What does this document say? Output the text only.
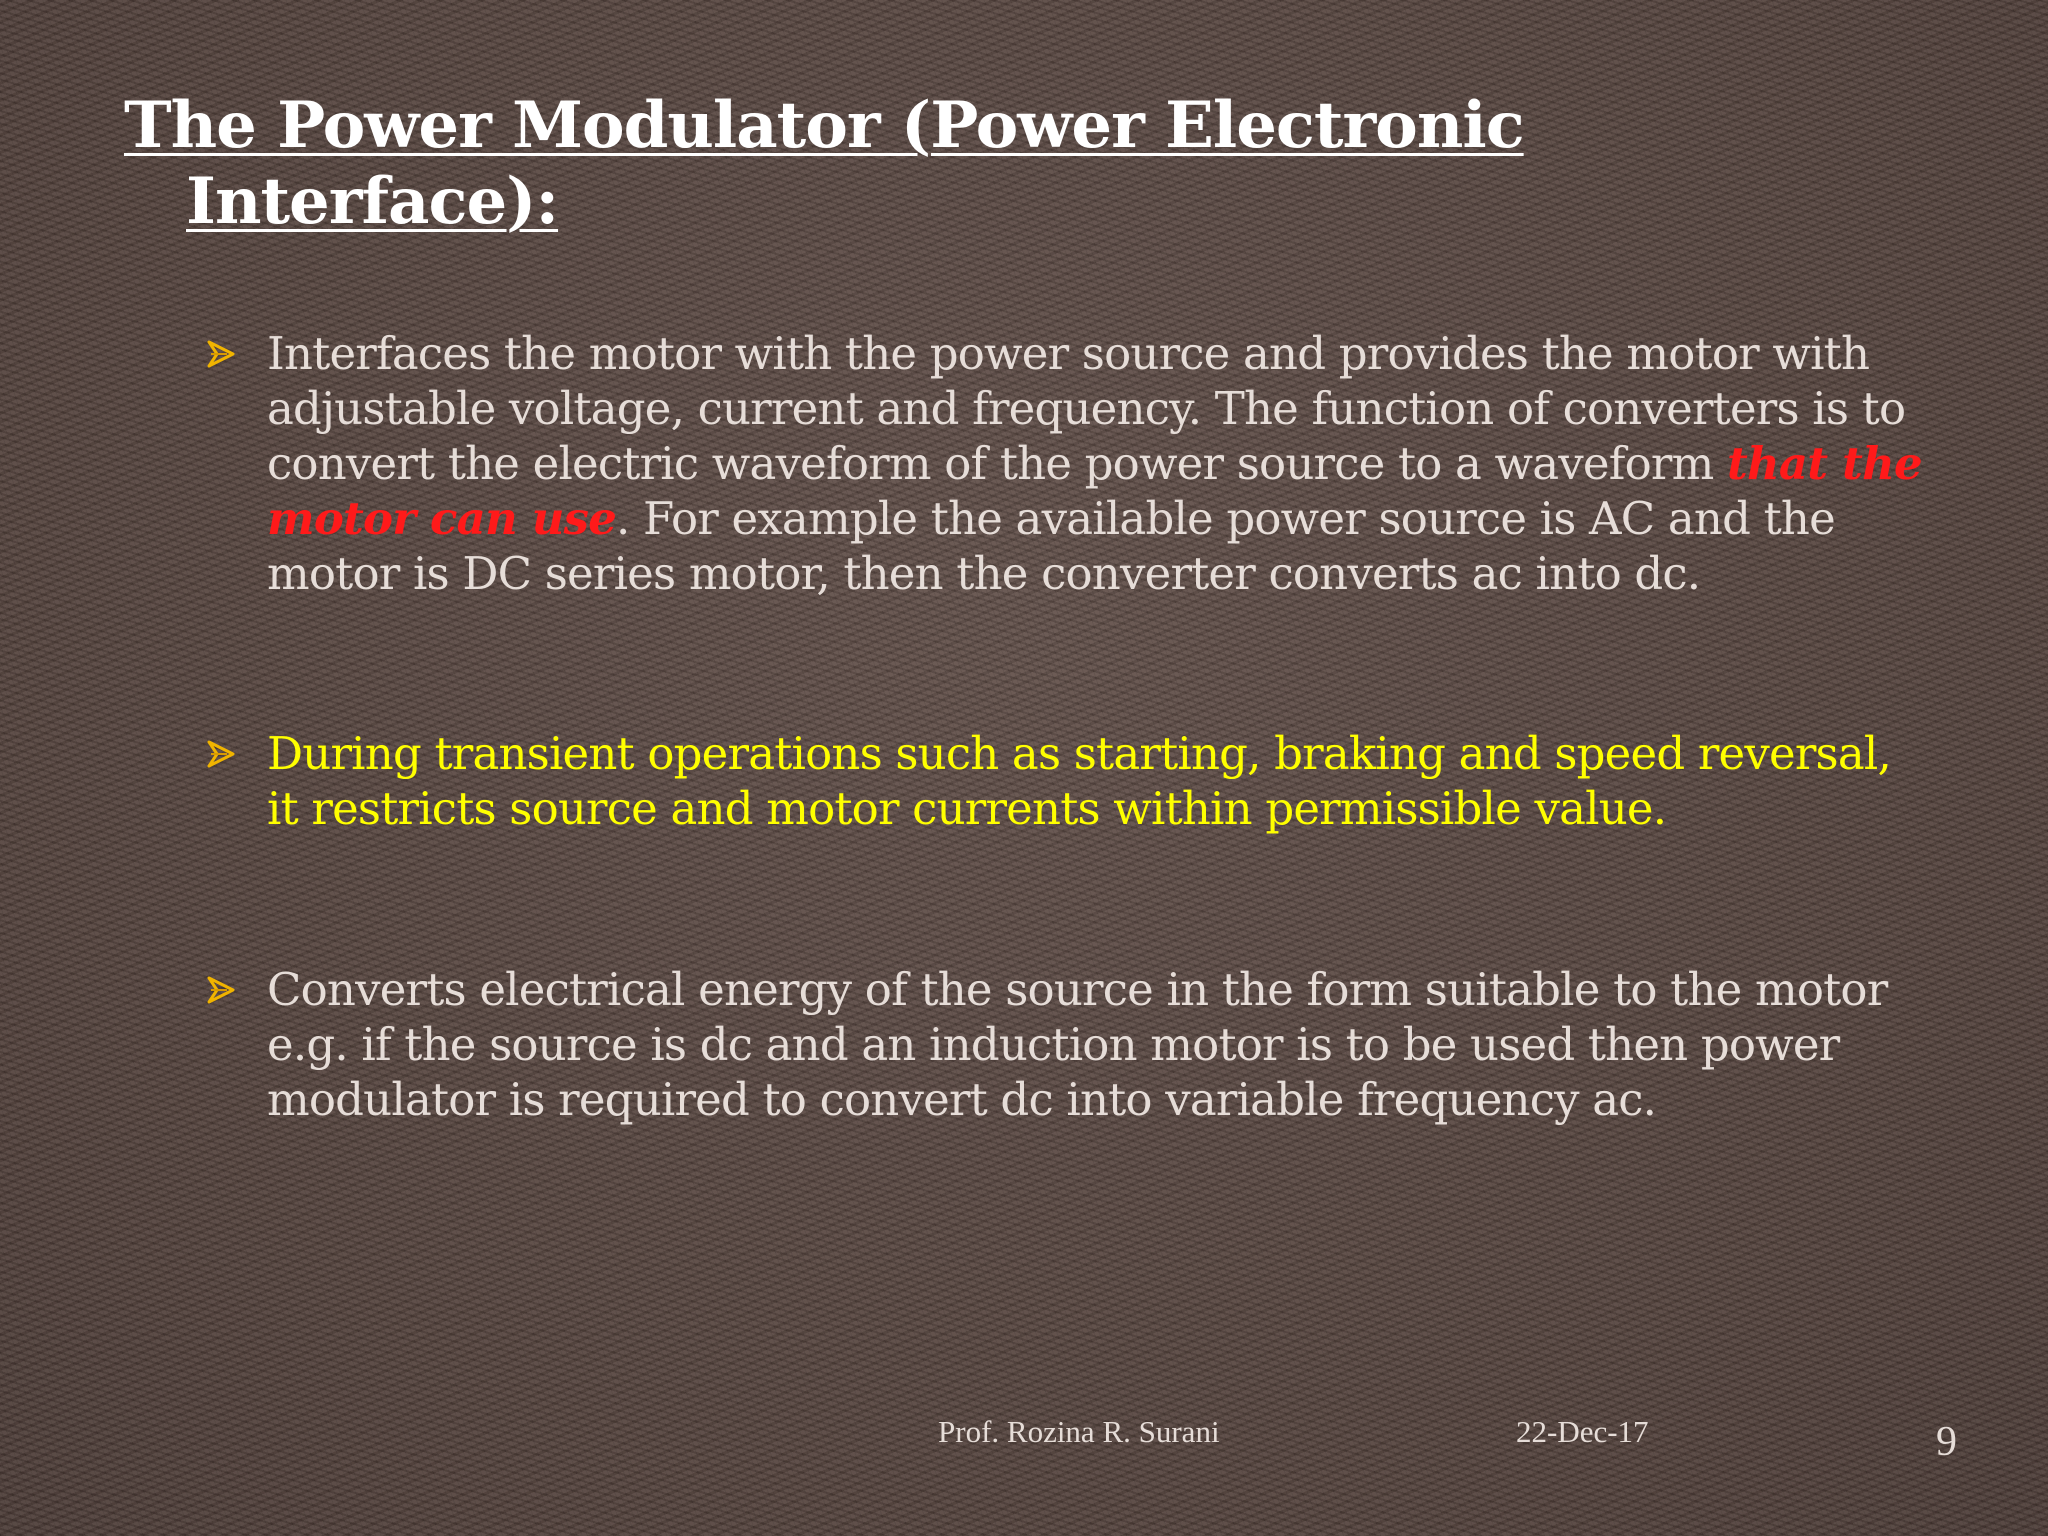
The Power Modulator (Power Electronic
Interface):
Interfaces the motor with the power source and provides the motor with adjustable voltage, current and frequency. The function of converters is to convert the electric waveform of the power source to a waveform that the motor can use. For example the available power source is AC and the motor is DC series motor, then the converter converts ac into dc.
During transient operations such as starting, braking and speed reversal, it restricts source and motor currents within permissible value.
Converts electrical energy of the source in the form suitable to the motor e.g. if the source is dc and an induction motor is to be used then power modulator is required to convert dc into variable frequency ac.
Prof. Rozina R. Surani	22-Dec-17	9
